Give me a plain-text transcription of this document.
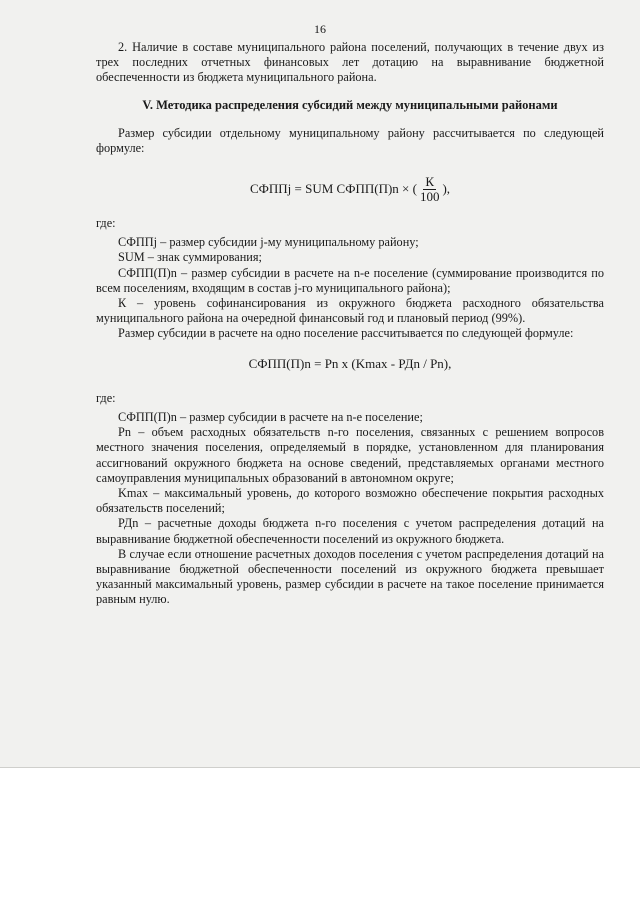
16

2. Наличие в составе муниципального района поселений, получающих в течение двух из трех последних отчетных финансовых лет дотацию на выравнивание бюджетной обеспеченности из бюджета муниципального района.

V. Методика распределения субсидий между муниципальными районами

Размер субсидии отдельному муниципальному району рассчитывается по следующей формуле:

СФППj = SUM СФПП(П)n × ( $\frac{К}{100}$ ),

где:

СФППj – размер субсидии j-му муниципальному району;

SUM – знак суммирования;

СФПП(П)n – размер субсидии в расчете на n-е поселение (суммирование производится по всем поселениям, входящим в состав j-го муниципального района);

К – уровень софинансирования из окружного бюджета расходного обязательства муниципального района на очередной финансовый год и плановый период (99%).

Размер субсидии в расчете на одно поселение рассчитывается по следующей формуле:

СФПП(П)n = Pn x (Kmax - РДn / Pn),

где:

СФПП(П)n – размер субсидии в расчете на n-е поселение;

Pn – объем расходных обязательств n-го поселения, связанных с решением вопросов местного значения поселения, определяемый в порядке, установленном для планирования ассигнований окружного бюджета на основе сведений, представляемых органами местного самоуправления муниципальных образований в автономном округе;

Kmax – максимальный уровень, до которого возможно обеспечение покрытия расходных обязательств поселений;

РДn – расчетные доходы бюджета n-го поселения с учетом распределения дотаций на выравнивание бюджетной обеспеченности поселений из окружного бюджета.

В случае если отношение расчетных доходов поселения с учетом распределения дотаций на выравнивание бюджетной обеспеченности поселений из окружного бюджета превышает указанный максимальный уровень, размер субсидии в расчете на такое поселение принимается равным нулю.
